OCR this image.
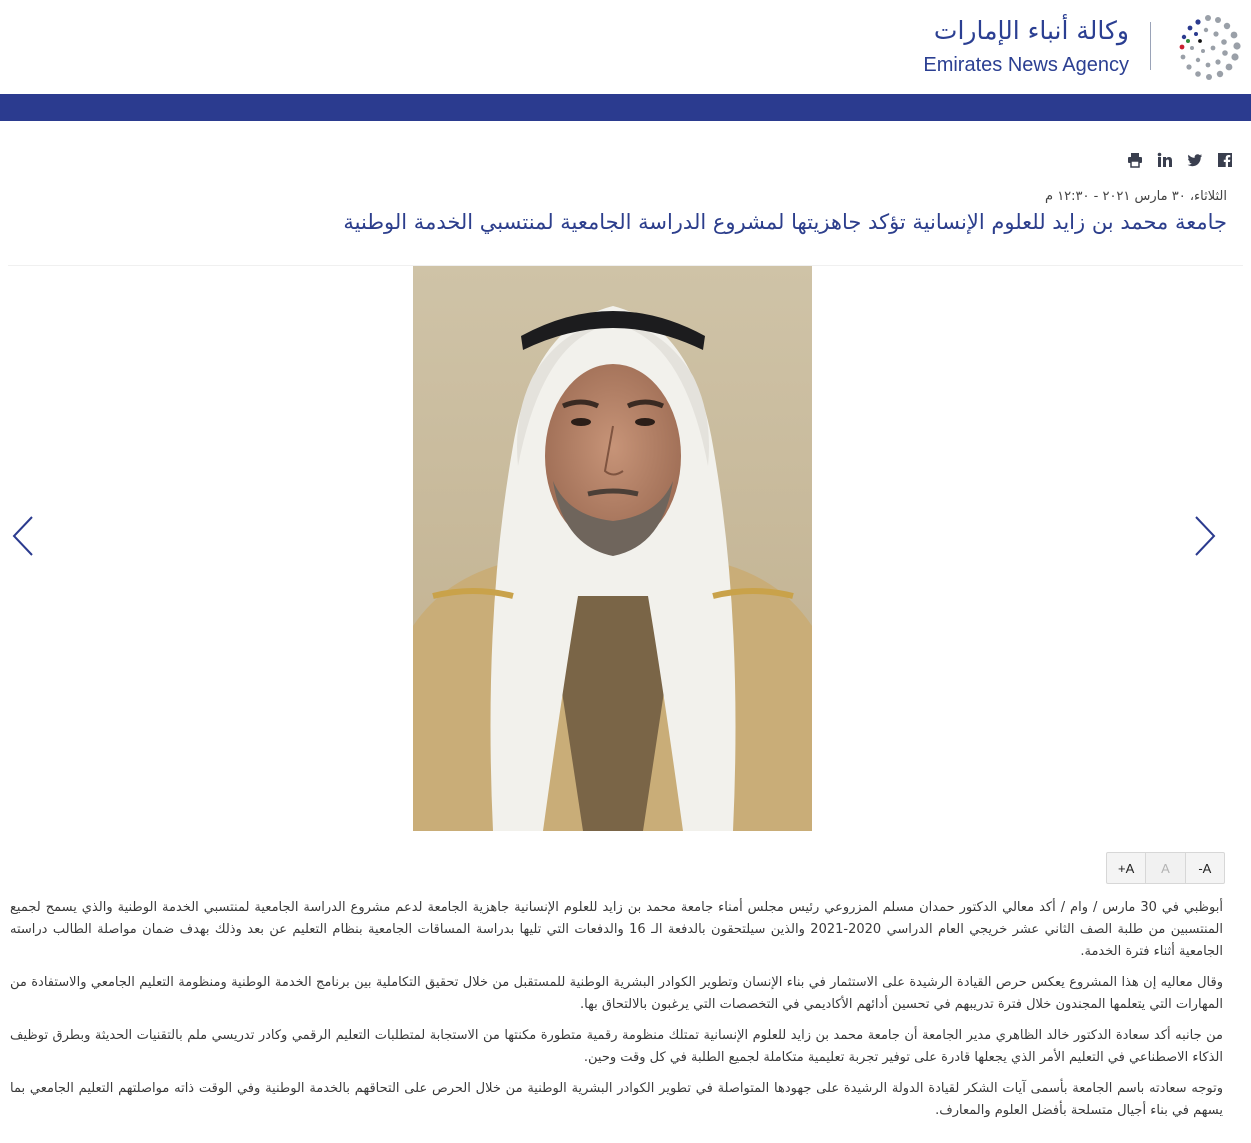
وكالة أنباء الإمارات
Emirates News Agency
الثلاثاء، ٣٠ مارس ٢٠٢١ - ١٢:٣٠ م
جامعة محمد بن زايد للعلوم الإنسانية تؤكد جاهزيتها لمشروع الدراسة الجامعية لمنتسبي الخدمة الوطنية
+A	A	-A

أبوظبي في 30 مارس / وام / أكد معالي الدكتور حمدان مسلم المزروعي رئيس مجلس أمناء جامعة محمد بن زايد للعلوم الإنسانية جاهزية الجامعة لدعم مشروع الدراسة الجامعية لمنتسبي الخدمة الوطنية والذي يسمح لجميع المنتسبين من طلبة الصف الثاني عشر خريجي العام الدراسي 2020-2021 والذين سيلتحقون بالدفعة الـ 16 والدفعات التي تليها بدراسة المساقات الجامعية بنظام التعليم عن بعد وذلك بهدف ضمان مواصلة الطالب دراسته الجامعية أثناء فترة الخدمة.

وقال معاليه إن هذا المشروع يعكس حرص القيادة الرشيدة على الاستثمار في بناء الإنسان وتطوير الكوادر البشرية الوطنية للمستقبل من خلال تحقيق التكاملية بين برنامج الخدمة الوطنية ومنظومة التعليم الجامعي والاستفادة من المهارات التي يتعلمها المجندون خلال فترة تدريبهم في تحسين أدائهم الأكاديمي في التخصصات التي يرغبون بالالتحاق بها.

من جانبه أكد سعادة الدكتور خالد الظاهري مدير الجامعة أن جامعة محمد بن زايد للعلوم الإنسانية تمتلك منظومة رقمية متطورة مكنتها من الاستجابة لمتطلبات التعليم الرقمي وكادر تدريسي ملم بالتقنيات الحديثة وبطرق توظيف الذكاء الاصطناعي في التعليم الأمر الذي يجعلها قادرة على توفير تجربة تعليمية متكاملة لجميع الطلبة في كل وقت وحين.

وتوجه سعادته باسم الجامعة بأسمى آيات الشكر لقيادة الدولة الرشيدة على جهودها المتواصلة في تطوير الكوادر البشرية الوطنية من خلال الحرص على التحاقهم بالخدمة الوطنية وفي الوقت ذاته مواصلتهم التعليم الجامعي بما يسهم في بناء أجيال متسلحة بأفضل العلوم والمعارف.
